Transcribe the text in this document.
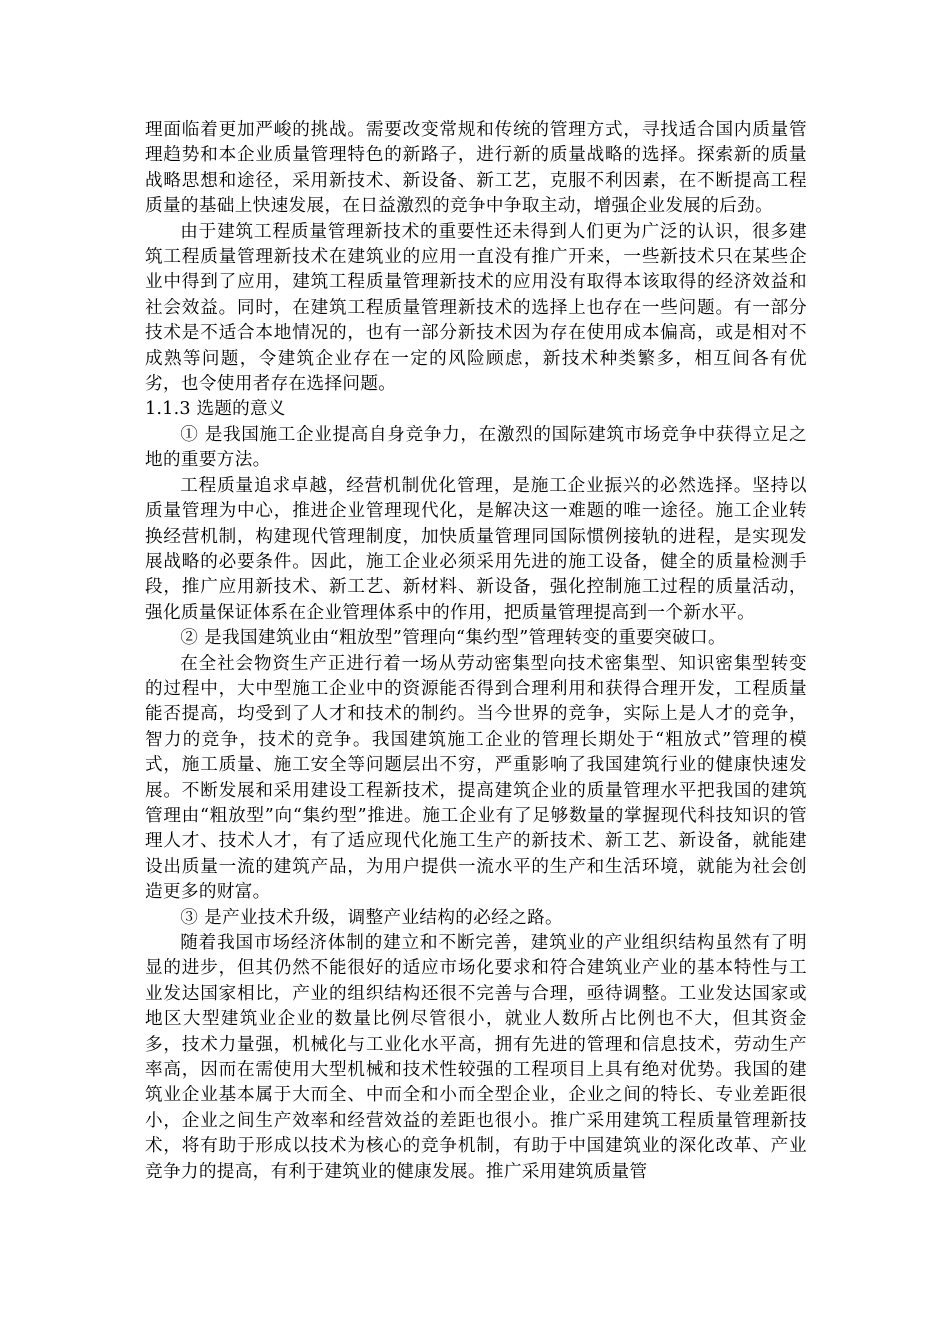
理面临着更加严峻的挑战。需要改变常规和传统的管理方式，寻找适合国内质量管理趋势和本企业质量管理特色的新路子，进行新的质量战略的选择。探索新的质量战略思想和途径，采用新技术、新设备、新工艺，克服不利因素，在不断提高工程质量的基础上快速发展，在日益激烈的竞争中争取主动，增强企业发展的后劲。

由于建筑工程质量管理新技术的重要性还未得到人们更为广泛的认识，很多建筑工程质量管理新技术在建筑业的应用一直没有推广开来，一些新技术只在某些企业中得到了应用，建筑工程质量管理新技术的应用没有取得本该取得的经济效益和社会效益。同时，在建筑工程质量管理新技术的选择上也存在一些问题。有一部分技术是不适合本地情况的，也有一部分新技术因为存在使用成本偏高，或是相对不成熟等问题，令建筑企业存在一定的风险顾虑，新技术种类繁多，相互间各有优劣，也令使用者存在选择问题。

1.1.3 选题的意义

① 是我国施工企业提高自身竞争力，在激烈的国际建筑市场竞争中获得立足之地的重要方法。

工程质量追求卓越，经营机制优化管理，是施工企业振兴的必然选择。坚持以质量管理为中心，推进企业管理现代化，是解决这一难题的唯一途径。施工企业转换经营机制，构建现代管理制度，加快质量管理同国际惯例接轨的进程，是实现发展战略的必要条件。因此，施工企业必须采用先进的施工设备，健全的质量检测手段，推广应用新技术、新工艺、新材料、新设备，强化控制施工过程的质量活动，强化质量保证体系在企业管理体系中的作用，把质量管理提高到一个新水平。

② 是我国建筑业由“粗放型”管理向“集约型”管理转变的重要突破口。

在全社会物资生产正进行着一场从劳动密集型向技术密集型、知识密集型转变的过程中，大中型施工企业中的资源能否得到合理利用和获得合理开发，工程质量能否提高，均受到了人才和技术的制约。当今世界的竞争，实际上是人才的竞争，智力的竞争，技术的竞争。我国建筑施工企业的管理长期处于“粗放式”管理的模式，施工质量、施工安全等问题层出不穷，严重影响了我国建筑行业的健康快速发展。不断发展和采用建设工程新技术，提高建筑企业的质量管理水平把我国的建筑管理由“粗放型”向“集约型”推进。施工企业有了足够数量的掌握现代科技知识的管理人才、技术人才，有了适应现代化施工生产的新技术、新工艺、新设备，就能建设出质量一流的建筑产品，为用户提供一流水平的生产和生活环境，就能为社会创造更多的财富。

③ 是产业技术升级，调整产业结构的必经之路。

随着我国市场经济体制的建立和不断完善，建筑业的产业组织结构虽然有了明显的进步，但其仍然不能很好的适应市场化要求和符合建筑业产业的基本特性与工业发达国家相比，产业的组织结构还很不完善与合理，亟待调整。工业发达国家或地区大型建筑业企业的数量比例尽管很小，就业人数所占比例也不大，但其资金多，技术力量强，机械化与工业化水平高，拥有先进的管理和信息技术，劳动生产率高，因而在需使用大型机械和技术性较强的工程项目上具有绝对优势。我国的建筑业企业基本属于大而全、中而全和小而全型企业，企业之间的特长、专业差距很小，企业之间生产效率和经营效益的差距也很小。推广采用建筑工程质量管理新技术，将有助于形成以技术为核心的竞争机制，有助于中国建筑业的深化改革、产业竞争力的提高，有利于建筑业的健康发展。推广采用建筑质量管
